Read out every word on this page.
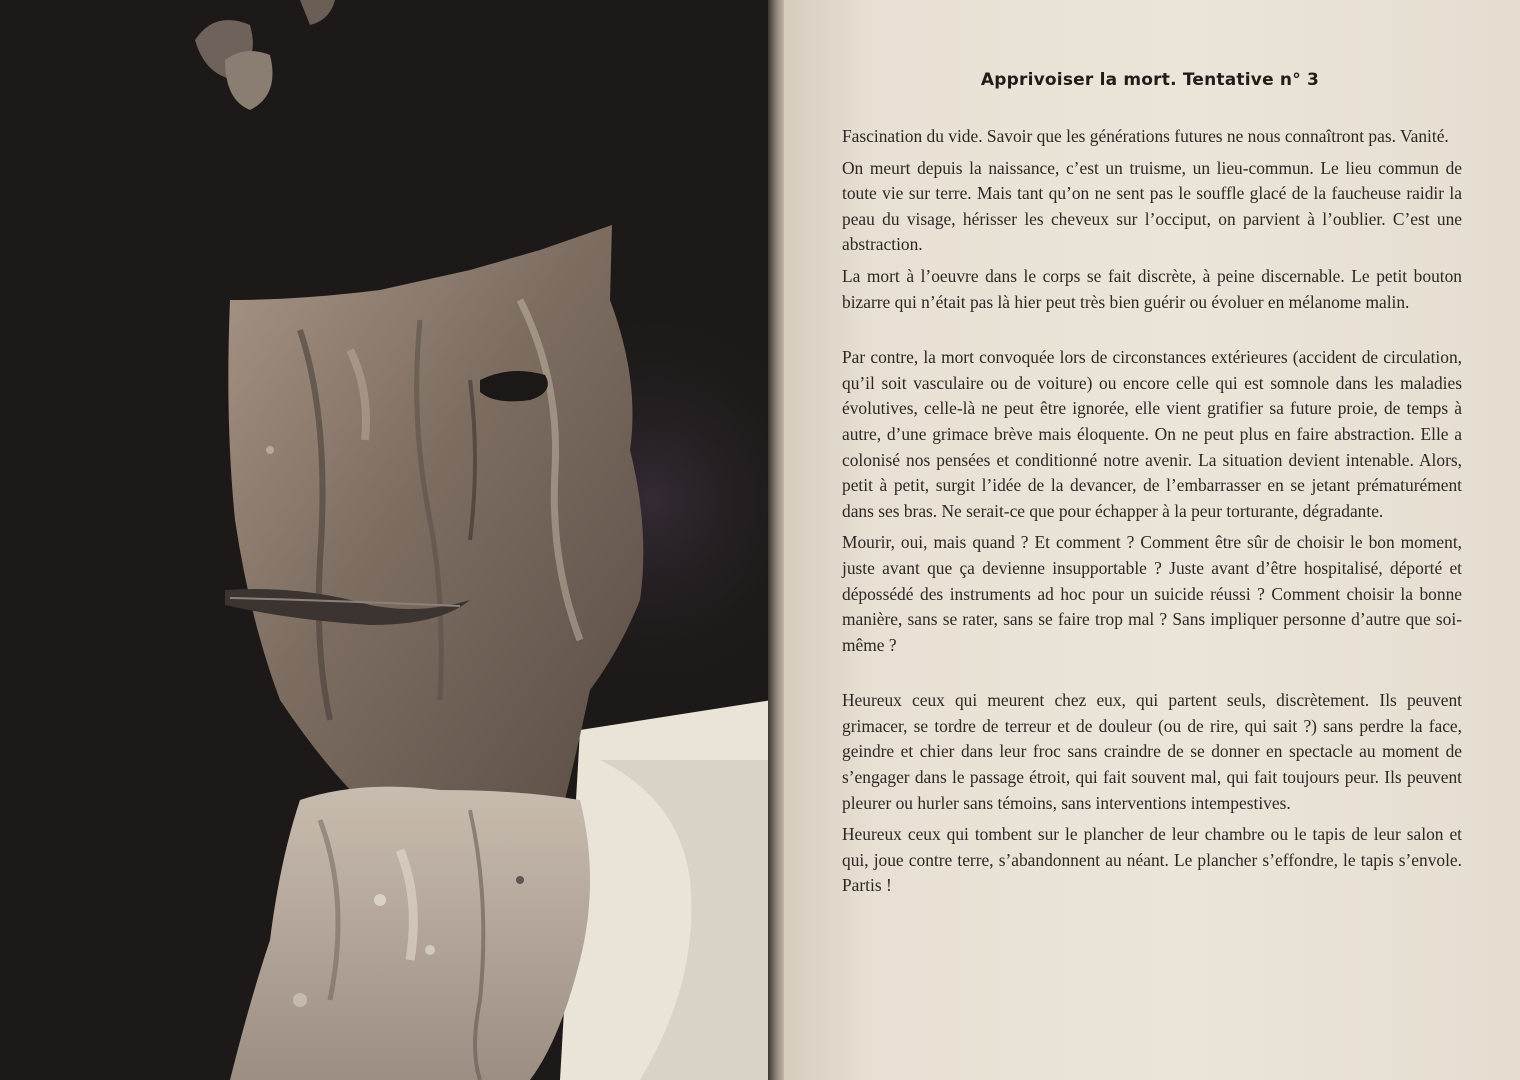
Apprivoiser la mort. Tentative n° 3

Fascination du vide. Savoir que les générations futures ne nous connaîtront pas. Vanité.

On meurt depuis la naissance, c’est un truisme, un lieu-commun. Le lieu commun de toute vie sur terre. Mais tant qu’on ne sent pas le souffle glacé de la faucheuse raidir la peau du visage, hérisser les cheveux sur l’occiput, on parvient à l’oublier. C’est une abstraction.

La mort à l’oeuvre dans le corps se fait discrète, à peine discernable. Le petit bouton bizarre qui n’était pas là hier peut très bien guérir ou évoluer en mélanome malin.

Par contre, la mort convoquée lors de circonstances extérieures (accident de circulation, qu’il soit vasculaire ou de voiture) ou encore celle qui est somnole dans les maladies évolutives, celle-là ne peut être ignorée, elle vient gratifier sa future proie, de temps à autre, d’une grimace brève mais éloquente. On ne peut plus en faire abstraction. Elle a colonisé nos pensées et conditionné notre avenir. La situation devient intenable. Alors, petit à petit, surgit l’idée de la devancer, de l’embarrasser en se jetant prématurément dans ses bras. Ne serait-ce que pour échapper à la peur torturante, dégradante.

Mourir, oui, mais quand ? Et comment ? Comment être sûr de choisir le bon moment, juste avant que ça devienne insupportable ? Juste avant d’être hospitalisé, déporté et dépossédé des instruments ad hoc pour un suicide réussi ? Comment choisir la bonne manière, sans se rater, sans se faire trop mal ? Sans impliquer personne d’autre que soi-même ?

Heureux ceux qui meurent chez eux, qui partent seuls, discrètement. Ils peuvent grimacer, se tordre de terreur et de douleur (ou de rire, qui sait ?) sans perdre la face, geindre et chier dans leur froc sans craindre de se donner en spectacle au moment de s’engager dans le passage étroit, qui fait souvent mal, qui fait toujours peur. Ils peuvent pleurer ou hurler sans témoins, sans interventions intempestives.

Heureux ceux qui tombent sur le plancher de leur chambre ou le tapis de leur salon et qui, joue contre terre, s’abandonnent au néant. Le plancher s’effondre, le tapis s’envole. Partis !
